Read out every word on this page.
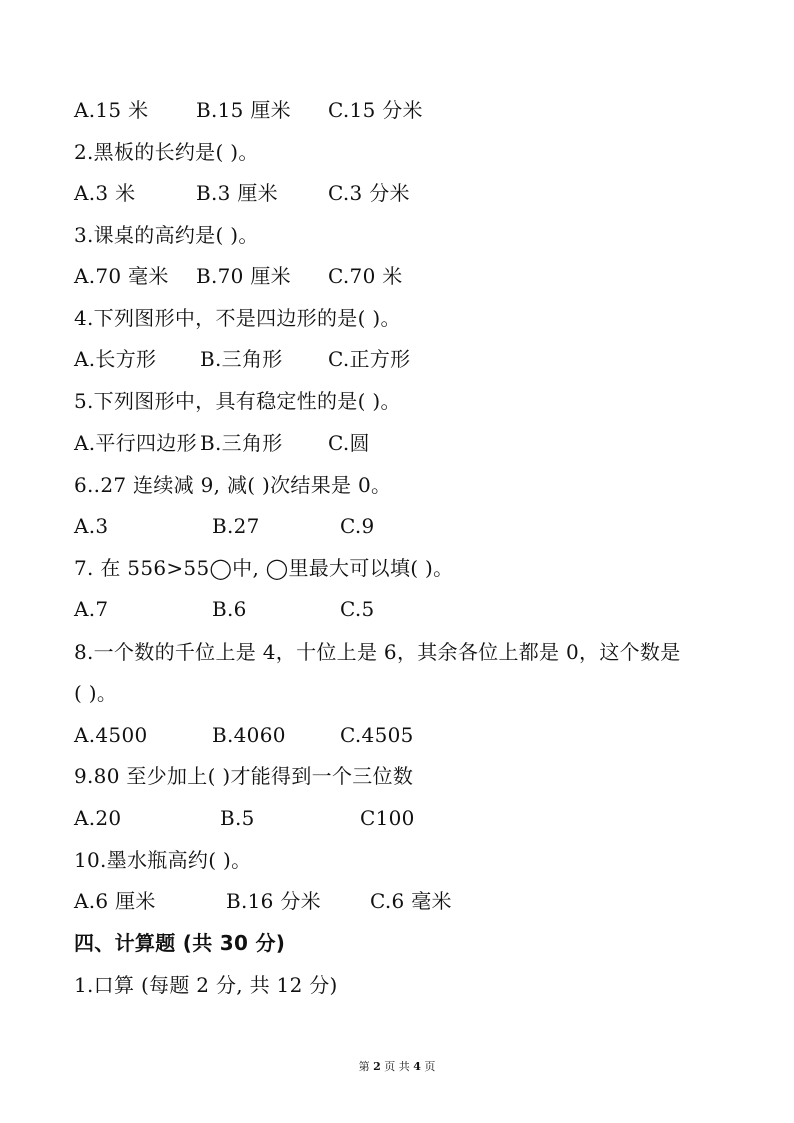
A.15 米 B.15 厘米 C.15 分米
2.黑板的长约是( )。
A.3 米	B.3 厘米	C.3 分米
3.课桌的高约是( )。
A.70 毫米 B.70 厘米 C.70 米
4.下列图形中，不是四边形的是( )。
A.长方形 B.三角形 C.正方形
5.下列图形中，具有稳定性的是( )。
A.平行四边形 B.三角形 C.圆
6..27 连续减 9, 减( )次结果是 0。
A.3	B.27	C.9
7. 在 556>55◯中, ◯里最大可以填( )。
A.7	B.6	C.5
8.一个数的千位上是 4，十位上是 6，其余各位上都是 0，这个数是
( )。
A.4500	B.4060	C.4505
9.80 至少加上( )才能得到一个三位数
A.20	B.5	C100
10.墨水瓶高约( )。
A.6 厘米	B.16 分米 C.6 毫米
四、计算题 (共 30 分)
1.口算 (每题 2 分, 共 12 分)
第 2 页 共 4 页
